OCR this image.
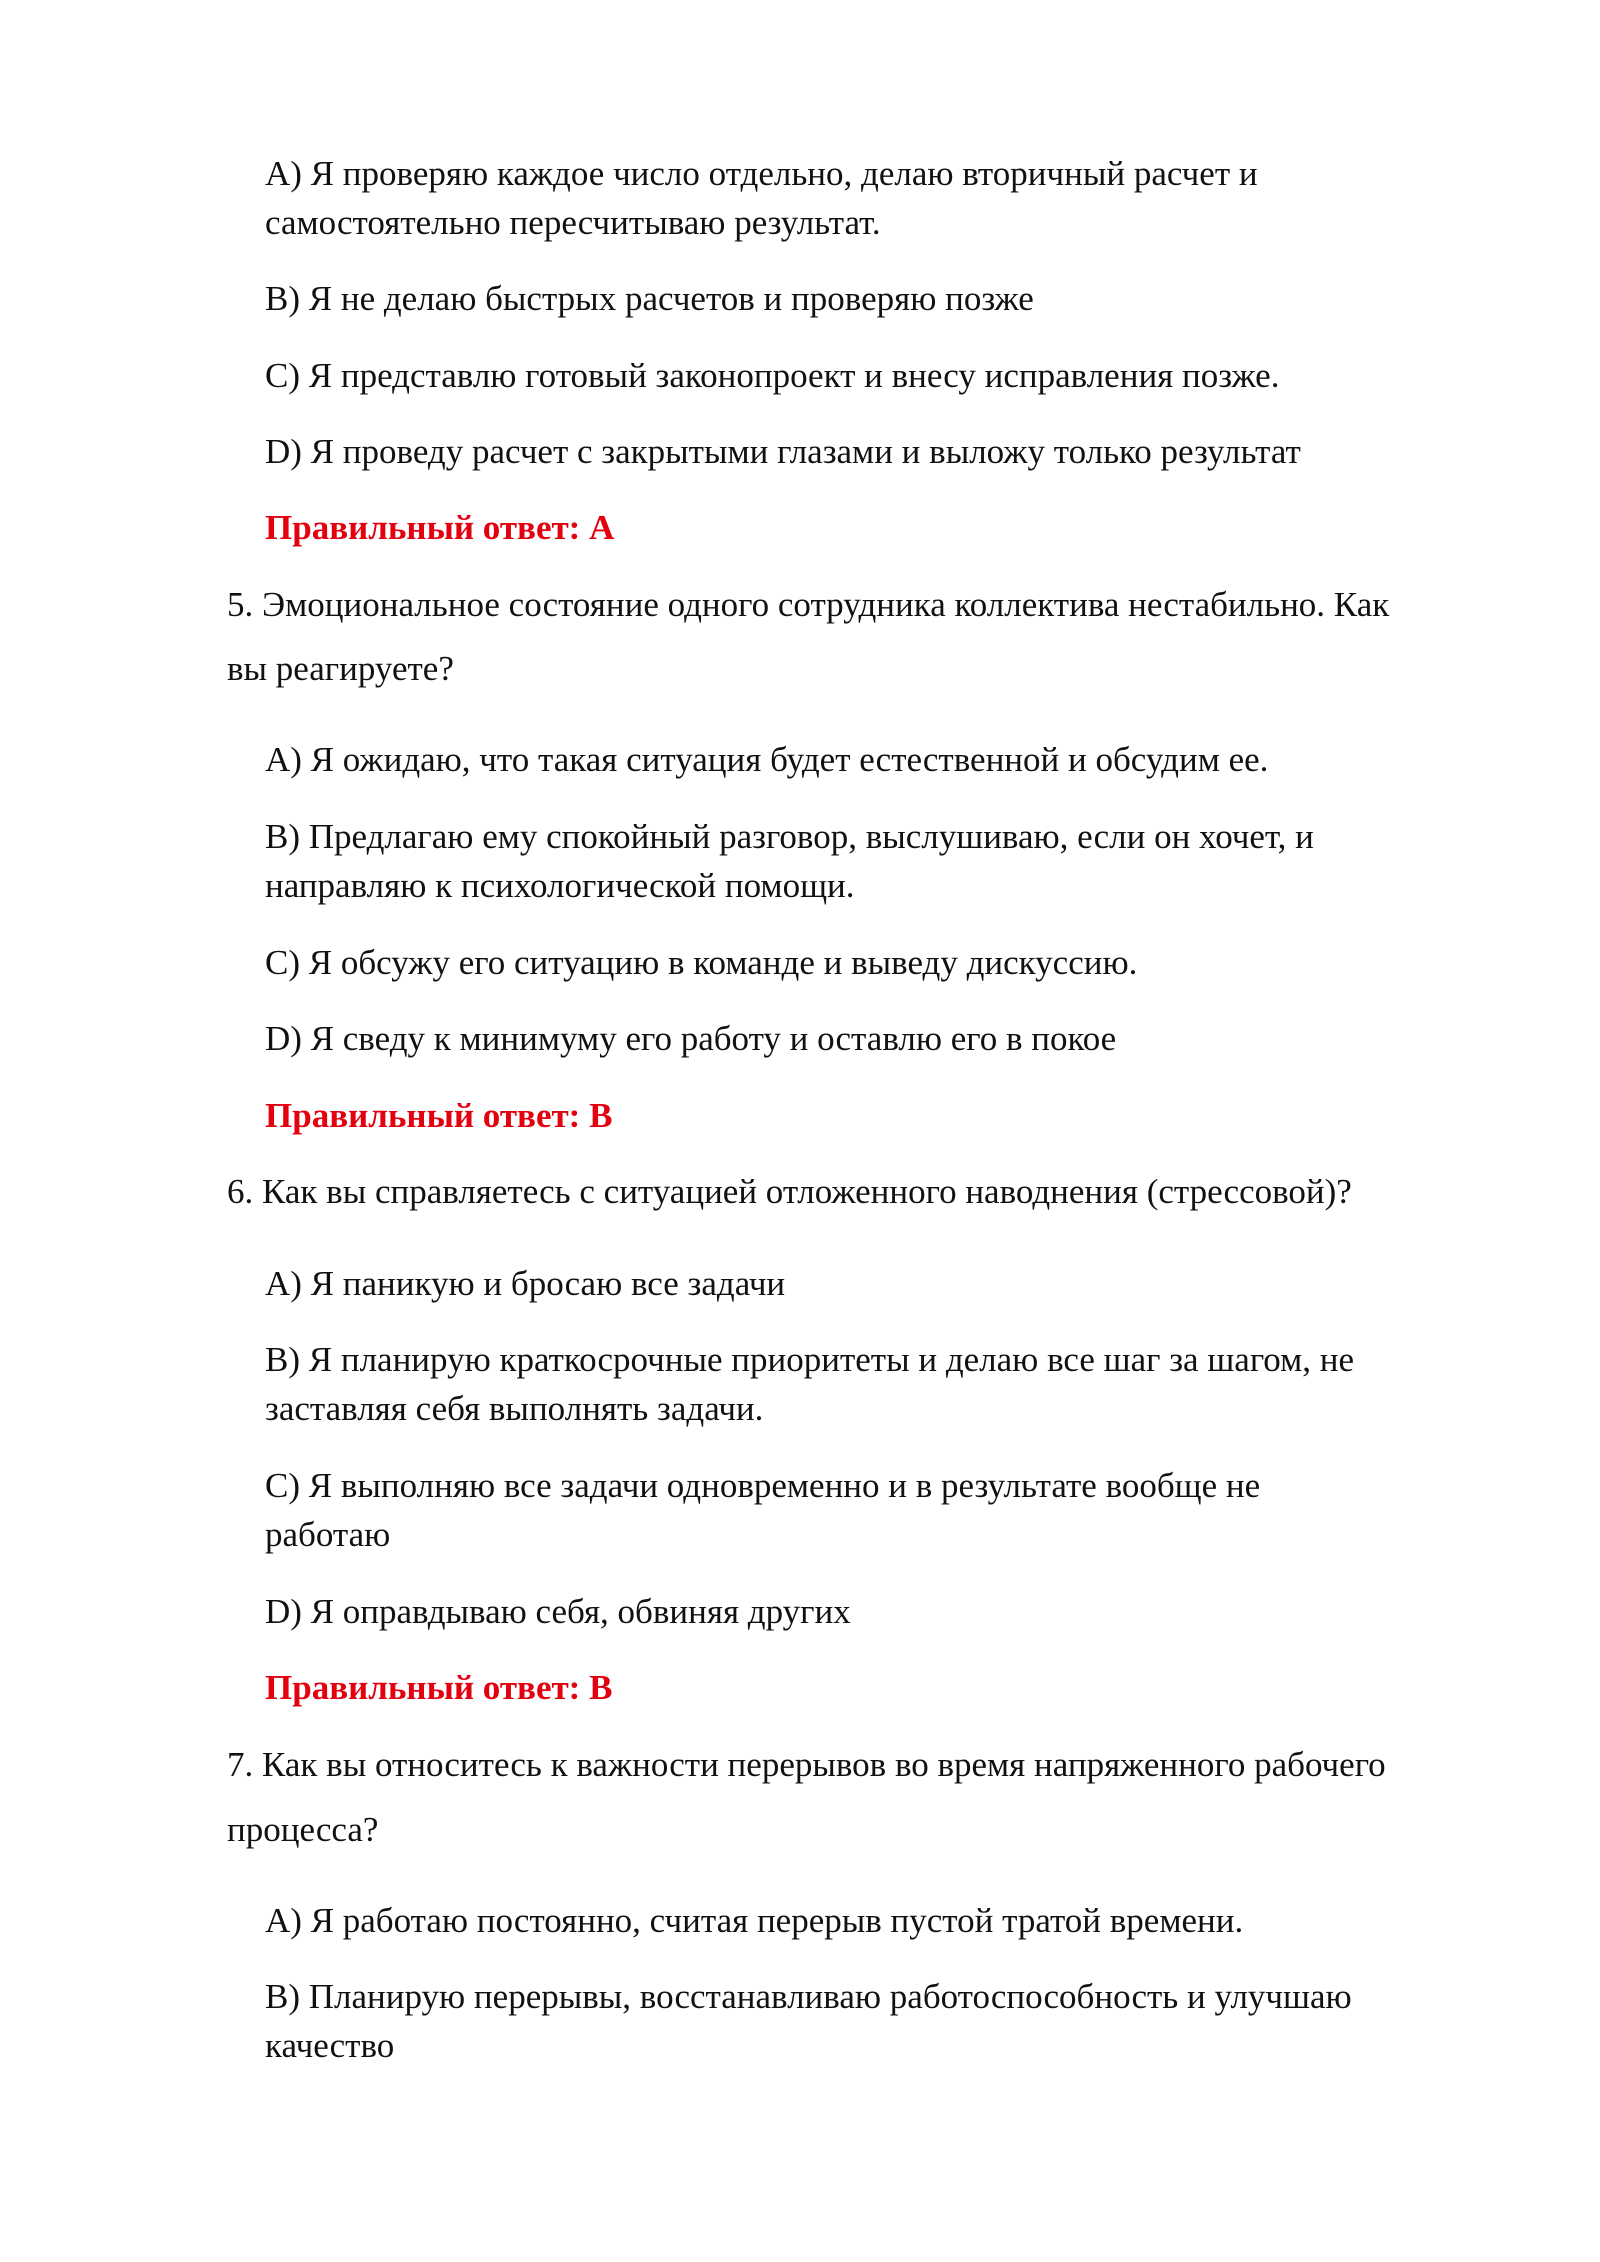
A) Я проверяю каждое число отдельно, делаю вторичный расчет и

самостоятельно пересчитываю результат.

B) Я не делаю быстрых расчетов и проверяю позже

C) Я представлю готовый законопроект и внесу исправления позже.

D) Я проведу расчет с закрытыми глазами и выложу только результат

Правильный ответ: A

5. Эмоциональное состояние одного сотрудника коллектива нестабильно. Как

вы реагируете?

A) Я ожидаю, что такая ситуация будет естественной и обсудим ее.

B) Предлагаю ему спокойный разговор, выслушиваю, если он хочет, и

направляю к психологической помощи.

C) Я обсужу его ситуацию в команде и выведу дискуссию.

D) Я сведу к минимуму его работу и оставлю его в покое

Правильный ответ: B

6. Как вы справляетесь с ситуацией отложенного наводнения (стрессовой)?

A) Я паникую и бросаю все задачи

B) Я планирую краткосрочные приоритеты и делаю все шаг за шагом, не

заставляя себя выполнять задачи.

C) Я выполняю все задачи одновременно и в результате вообще не

работаю

D) Я оправдываю себя, обвиняя других

Правильный ответ: B

7. Как вы относитесь к важности перерывов во время напряженного рабочего

процесса?

A) Я работаю постоянно, считая перерыв пустой тратой времени.

B) Планирую перерывы, восстанавливаю работоспособность и улучшаю

качество
